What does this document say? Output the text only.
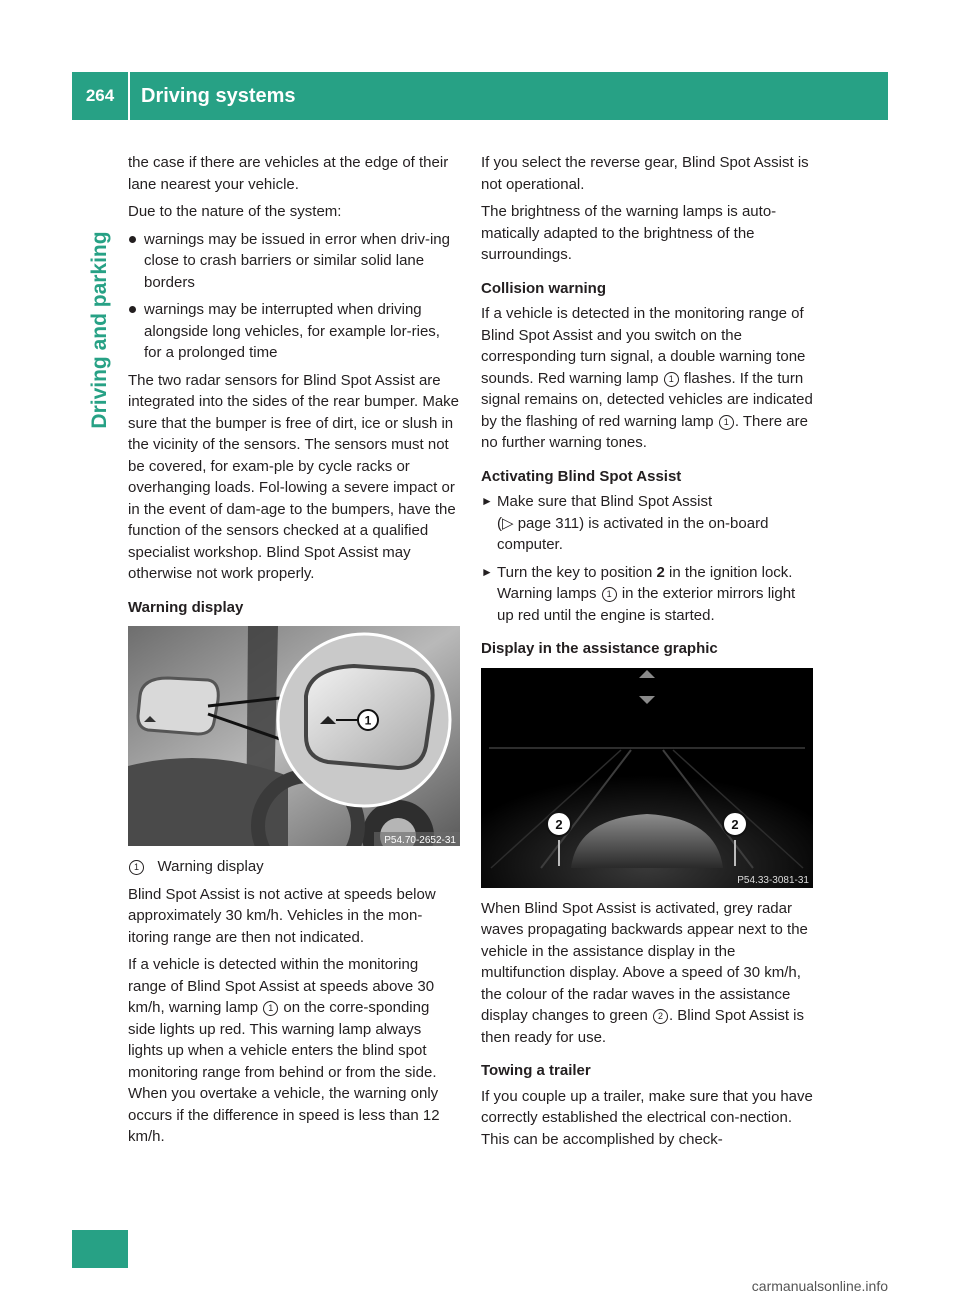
264	Driving systems
Driving and parking

the case if there are vehicles at the edge of their lane nearest your vehicle.

Due to the nature of the system:

warnings may be issued in error when driv-ing close to crash barriers or similar solid lane borders
warnings may be interrupted when driving alongside long vehicles, for example lor-ries, for a prolonged time

The two radar sensors for Blind Spot Assist are integrated into the sides of the rear bumper. Make sure that the bumper is free of dirt, ice or slush in the vicinity of the sensors. The sensors must not be covered, for exam-ple by cycle racks or overhanging loads. Fol-lowing a severe impact or in the event of dam-age to the bumpers, have the function of the sensors checked at a qualified specialist workshop. Blind Spot Assist may otherwise not work properly.

Warning display
1
P54.70-2652-31

1 Warning display

Blind Spot Assist is not active at speeds below approximately 30 km/h. Vehicles in the mon-itoring range are then not indicated.

If a vehicle is detected within the monitoring range of Blind Spot Assist at speeds above 30 km/h, warning lamp 1 on the corre-sponding side lights up red. This warning lamp always lights up when a vehicle enters the blind spot monitoring range from behind or from the side. When you overtake a vehicle, the warning only occurs if the difference in speed is less than 12 km/h.

If you select the reverse gear, Blind Spot Assist is not operational.

The brightness of the warning lamps is auto-matically adapted to the brightness of the surroundings.

Collision warning

If a vehicle is detected in the monitoring range of Blind Spot Assist and you switch on the corresponding turn signal, a double warning tone sounds. Red warning lamp 1 flashes. If the turn signal remains on, detected vehicles are indicated by the flashing of red warning lamp 1 . There are no further warning tones.

Activating Blind Spot Assist
► Make sure that Blind Spot Assist
(▷ page 311) is activated in the on-board computer.
► Turn the key to position 2 in the ignition lock.
Warning lamps 1 in the exterior mirrors light up red until the engine is started.
Display in the assistance graphic
2	2
P54.33-3081-31

When Blind Spot Assist is activated, grey radar waves propagating backwards appear next to the vehicle in the assistance display in the multifunction display. Above a speed of 30 km/h, the colour of the radar waves in the assistance display changes to green 2 . Blind Spot Assist is then ready for use.

Towing a trailer

If you couple up a trailer, make sure that you have correctly established the electrical con-nection. This can be accomplished by check-

carmanualsonline.info
